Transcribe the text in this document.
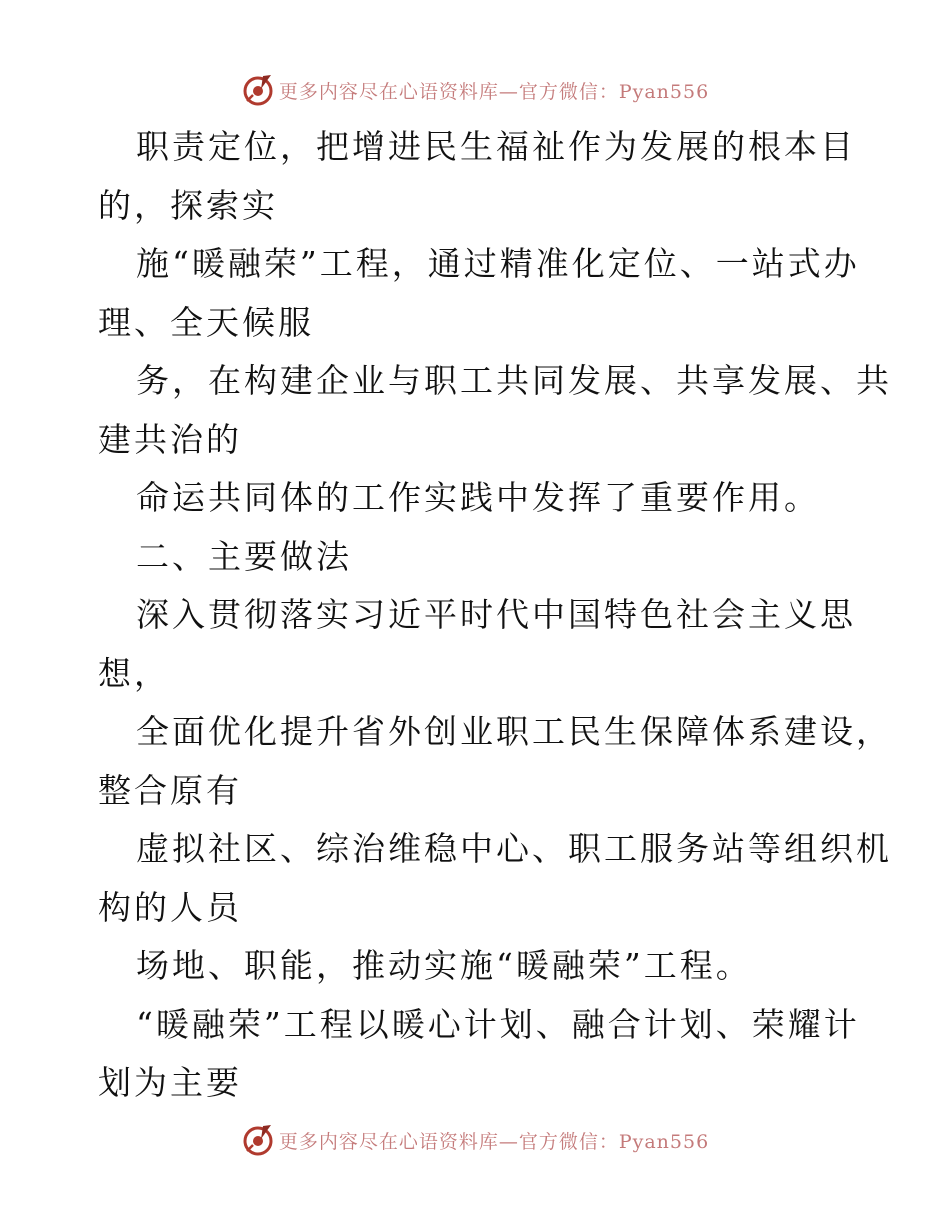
更多内容尽在心语资料库—官方微信：Pyan556
职责定位，把增进民生福祉作为发展的根本目
的，探索实
施“暖融荣”工程，通过精准化定位、一站式办
理、全天候服
务，在构建企业与职工共同发展、共享发展、共
建共治的
命运共同体的工作实践中发挥了重要作用。
二、主要做法
深入贯彻落实习近平时代中国特色社会主义思
想，
全面优化提升省外创业职工民生保障体系建设，
整合原有
虚拟社区、综治维稳中心、职工服务站等组织机
构的人员
场地、职能，推动实施“暖融荣”工程。
“暖融荣”工程以暖心计划、融合计划、荣耀计
划为主要
更多内容尽在心语资料库—官方微信：Pyan556
